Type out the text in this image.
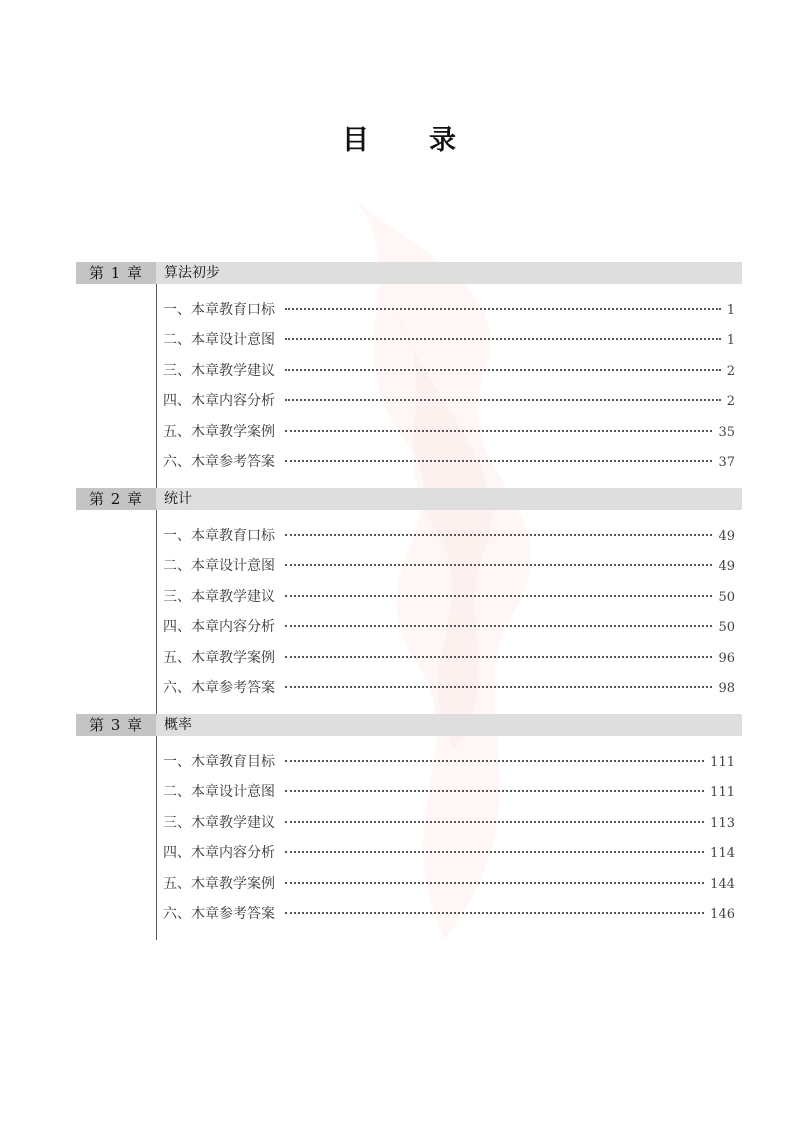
目　　录
第 1 章	算法初步
一、本章教育口标	1
二、本章设计意图	1
三、木章教学建议	2
四、木章内容分析	2
五、木章教学案例	35
六、木章参考答案	37
第 2 章	统计
一、本章教育口标	49
二、本章设计意图	49
三、本章教学建议	50
四、本章内容分析	50
五、木章教学案例	96
六、木章参考答案	98
第 3 章	概率
一、木章教育目标	111
二、本章设计意图	111
三、木章教学建议	113
四、木章内容分析	114
五、木章教学案例	144
六、木章参考答案	146
